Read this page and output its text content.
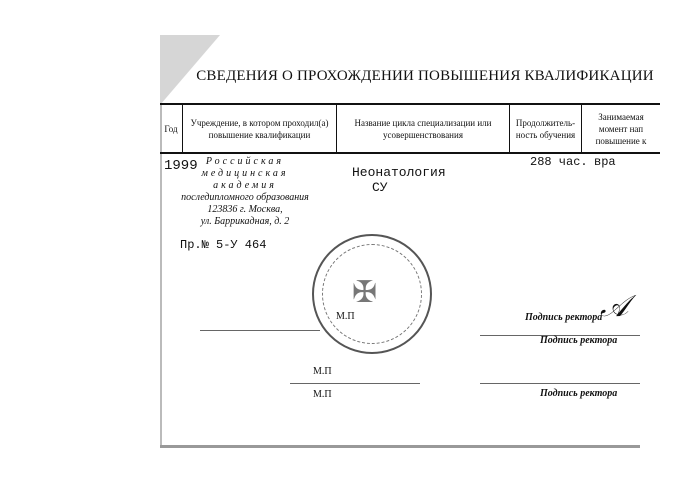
СВЕДЕНИЯ О ПРОХОЖДЕНИИ ПОВЫШЕНИЯ КВАЛИФИКАЦИИ
Год
Учреждение, в котором проходил(а) повышение квалификации
Название цикла специализации или усовершенствования
Продолжитель-ность обучения
Занимаемая момент нап повышение к
1999 Российская
медицинская
академия
последипломного образования
123836 г. Москва,
ул. Баррикадная, д. 2
Пр.№ 5-У 464
Неонатология
СУ
288 час. вра
✠
М.П	Подпись ректора
𝒜
М.П
Подпись ректора
М.П	Подпись ректора
